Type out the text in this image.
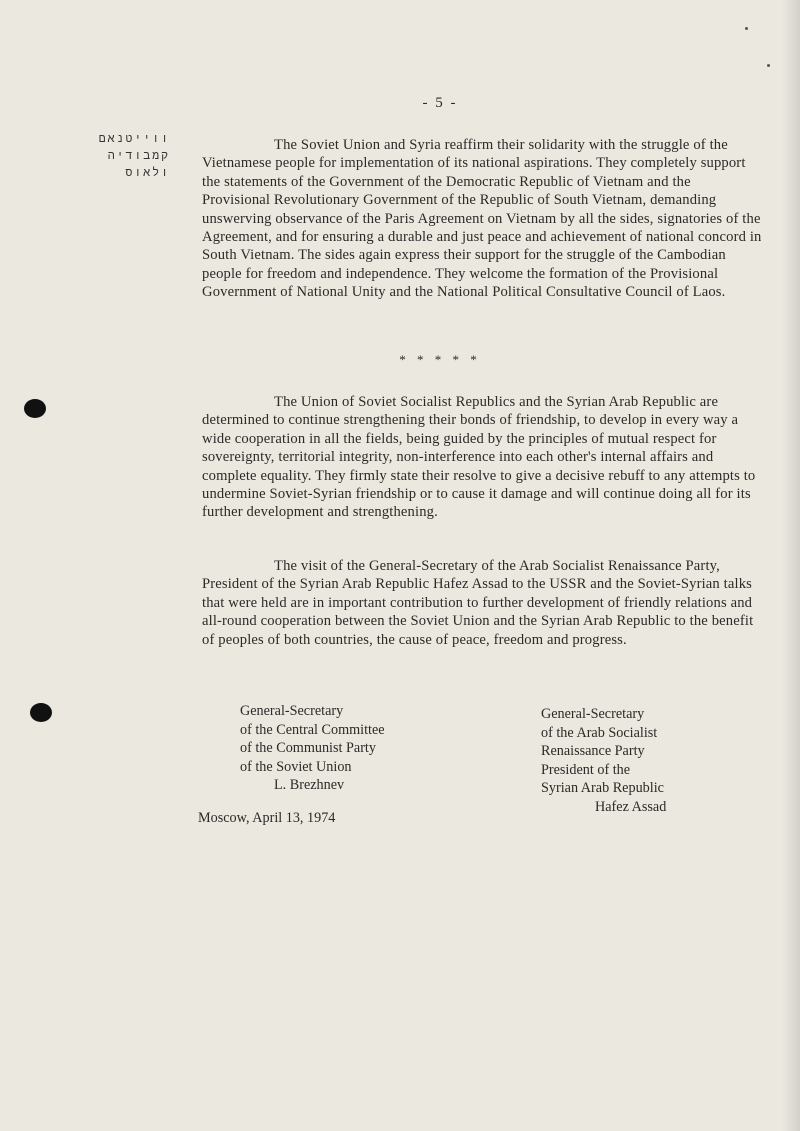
- 5 -
ווייטנאם
קמבודיה
ולאוס

The Soviet Union and Syria reaffirm their solidarity with the struggle of the Vietnamese people for implementation of its national aspirations. They completely support the statements of the Government of the Democratic Republic of Vietnam and the Provisional Revolutionary Government of the Republic of South Vietnam, demanding unswerving observance of the Paris Agreement on Vietnam by all the sides, signatories of the Agreement, and for ensuring a durable and just peace and achievement of national concord in South Vietnam. The sides again express their support for the struggle of the Cambodian people for freedom and independence. They welcome the formation of the Provisional Government of National Unity and the National Political Consultative Council of Laos.

* * * * *

The Union of Soviet Socialist Republics and the Syrian Arab Republic are determined to continue strengthening their bonds of friendship, to develop in every way a wide cooperation in all the fields, being guided by the principles of mutual respect for sovereignty, territorial integrity, non-interference into each other's internal affairs and complete equality. They firmly state their resolve to give a decisive rebuff to any attempts to undermine Soviet-Syrian friendship or to cause it damage and will continue doing all for its further development and strengthening.

The visit of the General-Secretary of the Arab Socialist Renaissance Party, President of the Syrian Arab Republic Hafez Assad to the USSR and the Soviet-Syrian talks that were held are in important contribution to further development of friendly relations and all-round cooperation between the Soviet Union and the Syrian Arab Republic to the benefit of peoples of both countries, the cause of peace, freedom and progress.

General-Secretary
of the Central Committee
of the Communist Party
of the Soviet Union
L. Brezhnev
General-Secretary
of the Arab Socialist
Renaissance Party
President of the
Syrian Arab Republic
Hafez Assad
Moscow, April 13, 1974
